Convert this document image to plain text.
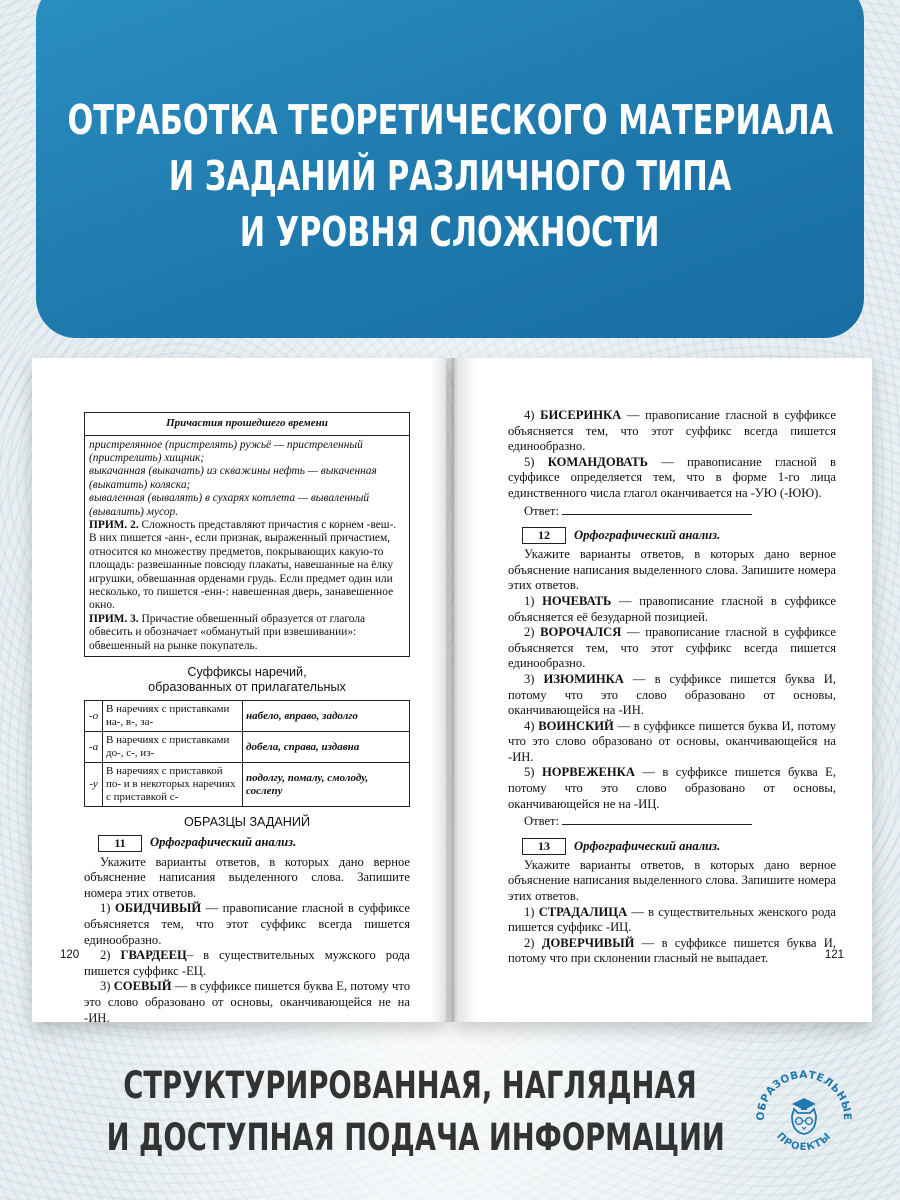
ОТРАБОТКА ТЕОРЕТИЧЕСКОГО МАТЕРИАЛА
И ЗАДАНИЙ РАЗЛИЧНОГО ТИПА
И УРОВНЯ СЛОЖНОСТИ
Причастия прошедшего времени

пристрелянное (пристрелять) ружьё — пристреленный (пристрелить) хищник;

выкачанная (выкачать) из скважины нефть — выкаченная (выкатить) коляска;

вываленная (вывалять) в сухарях котлета — вываленный (вывалить) мусор.

ПРИМ. 2. Сложность представляют причастия с корнем -веш-. В них пишется -анн-, если признак, выраженный причастием, относится ко множеству предметов, покрывающих какую-то площадь: развешанные повсюду плакаты, навешанные на ёлку игрушки, обвешанная орденами грудь. Если предмет один или несколько, то пишется -енн-: навешенная дверь, занавешенное окно.

ПРИМ. 3. Причастие обвешенный образуется от глагола обвесить и обозначает «обманутый при взвешивании»: обвешенный на рынке покупатель.

Суффиксы наречий,
образованных от прилагательных
-о	В наречиях с приставками на-, в-, за-	набело, вправо, задолго
-а	В наречиях с приставками до-, с-, из-	добела, справа, издавна
-у	В наречиях с приставкой по- и в некоторых наречиях с приставкой с-	подолгу, помалу, смолоду, сослепу
ОБРАЗЦЫ ЗАДАНИЙ
11	Орфографический анализ.
Укажите варианты ответов, в которых дано верное объяснение написания выделенного слова. Запишите номера этих ответов.
1) ОБИДЧИВЫЙ — правописание гласной в суффиксе объясняется тем, что этот суффикс всегда пишется единообразно.
2) ГВАРДЕЕЦ– в существительных мужского рода пишется суффикс -ЕЦ.
3) СОЕВЫЙ — в суффиксе пишется буква Е, потому что это слово образовано от основы, оканчивающейся не на -ИН.
120
4) БИСЕРИНКА — правописание гласной в суффиксе объясняется тем, что этот суффикс всегда пишется единообразно.
5) КОМАНДОВАТЬ — правописание гласной в суффиксе определяется тем, что в форме 1-го лица единственного числа глагол оканчивается на -УЮ (-ЮЮ).
Ответ:
12	Орфографический анализ.
Укажите варианты ответов, в которых дано верное объяснение написания выделенного слова. Запишите номера этих ответов.
1) НОЧЕВАТЬ — правописание гласной в суффиксе объясняется её безударной позицией.
2) ВОРОЧАЛСЯ — правописание гласной в суффиксе объясняется тем, что этот суффикс всегда пишется единообразно.
3) ИЗЮМИНКА — в суффиксе пишется буква И, потому что это слово образовано от основы, оканчивающейся на -ИН.
4) ВОИНСКИЙ — в суффиксе пишется буква И, потому что это слово образовано от основы, оканчивающейся на -ИН.
5) НОРВЕЖЕНКА — в суффиксе пишется буква Е, потому что это слово образовано от основы, оканчивающейся не на -ИЦ.
Ответ:
13	Орфографический анализ.
Укажите варианты ответов, в которых дано верное объяснение написания выделенного слова. Запишите номера этих ответов.
1) СТРАДАЛИЦА — в существительных женского рода пишется суффикс -ИЦ.
2) ДОВЕРЧИВЫЙ — в суффиксе пишется буква И, потому что при склонении гласный не выпадает.	121
СТРУКТУРИРОВАННАЯ, НАГЛЯДНАЯ
И ДОСТУПНАЯ ПОДАЧА ИНФОРМАЦИИ
ОБРАЗОВАТЕЛЬНЫЕ
ПРОЕКТЫ
